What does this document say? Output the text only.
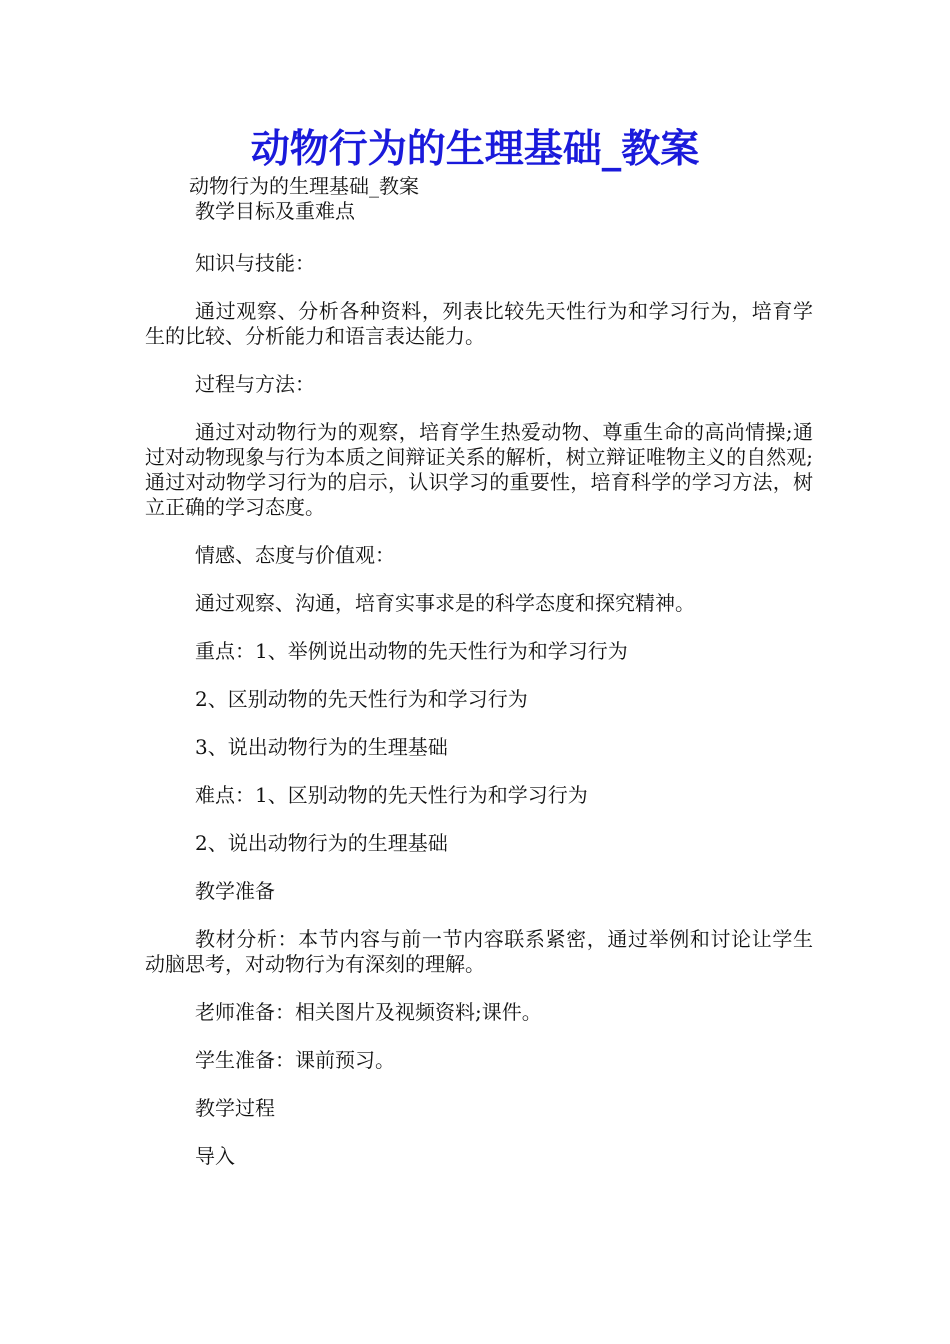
动物行为的生理基础_教案

动物行为的生理基础_教案

教学目标及重难点

知识与技能：

通过观察、分析各种资料，列表比较先天性行为和学习行为，培育学生的比较、分析能力和语言表达能力。

过程与方法：

通过对动物行为的观察，培育学生热爱动物、尊重生命的高尚情操;通过对动物现象与行为本质之间辩证关系的解析，树立辩证唯物主义的自然观;通过对动物学习行为的启示，认识学习的重要性，培育科学的学习方法，树立正确的学习态度。

情感、态度与价值观：

通过观察、沟通，培育实事求是的科学态度和探究精神。

重点：1、举例说出动物的先天性行为和学习行为

2、区别动物的先天性行为和学习行为

3、说出动物行为的生理基础

难点：1、区别动物的先天性行为和学习行为

2、说出动物行为的生理基础

教学准备

教材分析：本节内容与前一节内容联系紧密，通过举例和讨论让学生动脑思考，对动物行为有深刻的理解。

老师准备：相关图片及视频资料;课件。

学生准备：课前预习。

教学过程

导入
